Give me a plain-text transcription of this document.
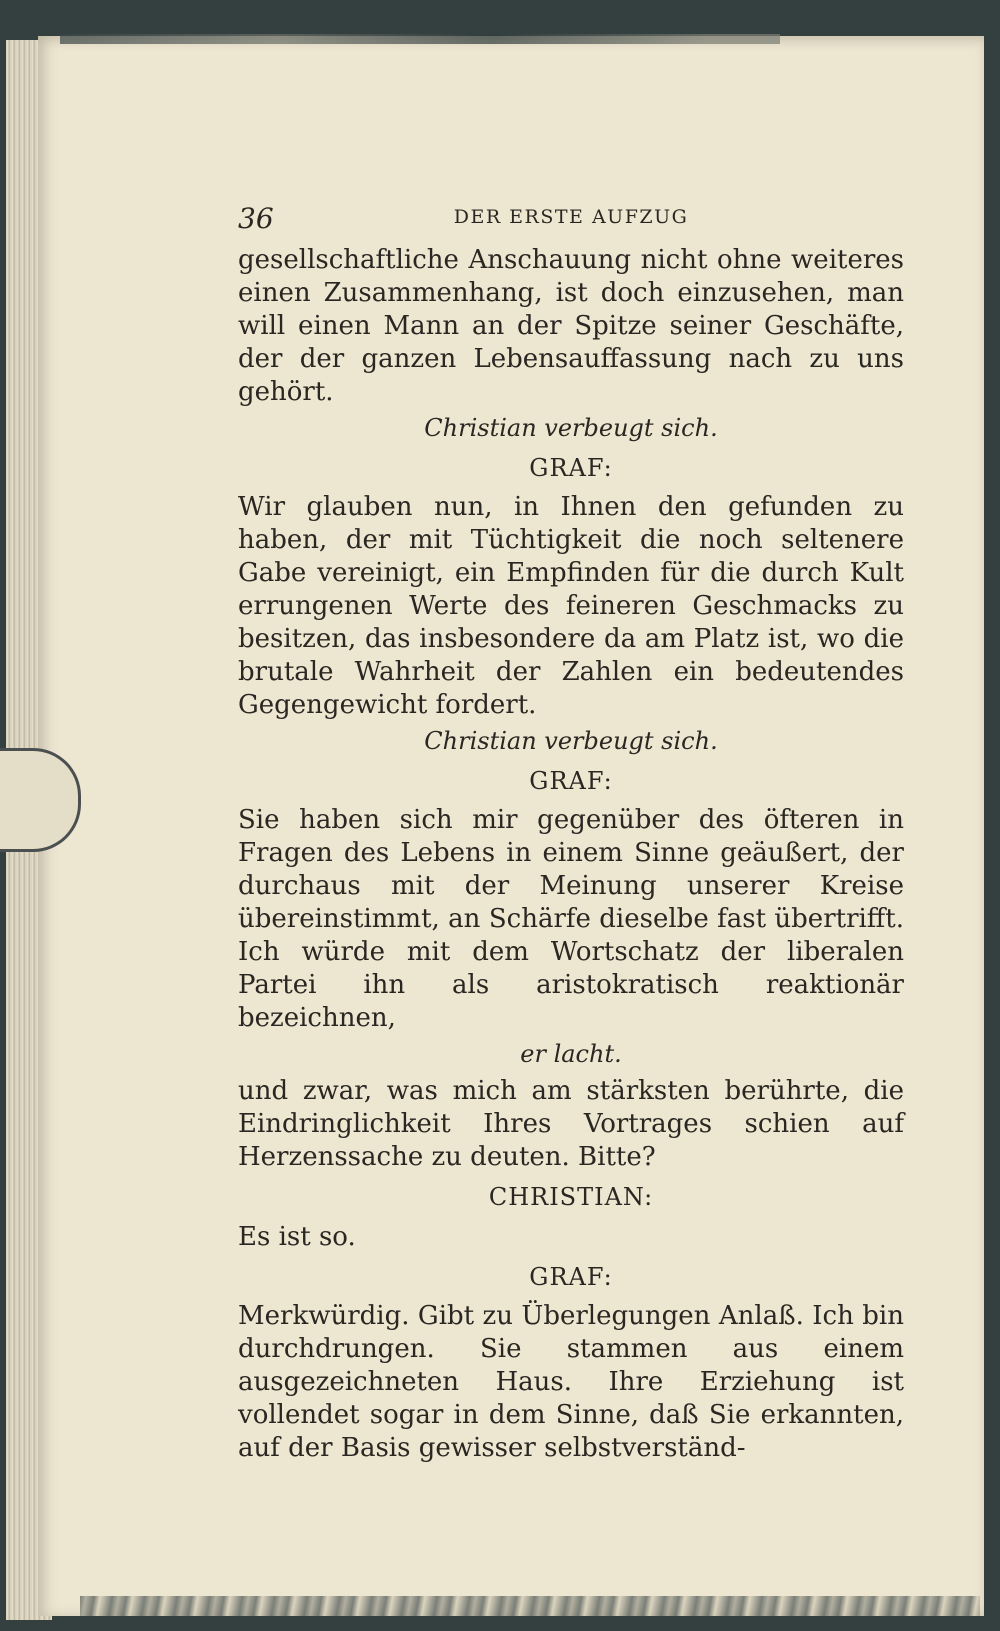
36	DER ERSTE AUFZUG

gesellschaftliche Anschauung nicht ohne weiteres einen Zusammenhang, ist doch einzusehen, man will einen Mann an der Spitze seiner Geschäfte, der der ganzen Lebensauffassung nach zu uns gehört.

Christian verbeugt sich.

GRAF:

Wir glauben nun, in Ihnen den gefunden zu haben, der mit Tüchtigkeit die noch seltenere Gabe vereinigt, ein Empfinden für die durch Kult errungenen Werte des feineren Geschmacks zu besitzen, das insbesondere da am Platz ist, wo die brutale Wahrheit der Zahlen ein bedeutendes Gegengewicht fordert.

Christian verbeugt sich.

GRAF:

Sie haben sich mir gegenüber des öfteren in Fragen des Lebens in einem Sinne geäußert, der durchaus mit der Meinung unserer Kreise übereinstimmt, an Schärfe dieselbe fast übertrifft. Ich würde mit dem Wortschatz der liberalen Partei ihn als aristokratisch reaktionär bezeichnen,

er lacht.

und zwar, was mich am stärksten berührte, die Eindringlichkeit Ihres Vortrages schien auf Herzenssache zu deuten. Bitte?

CHRISTIAN:

Es ist so.

GRAF:

Merkwürdig. Gibt zu Überlegungen Anlaß. Ich bin durchdrungen. Sie stammen aus einem ausgezeichneten Haus. Ihre Erziehung ist vollendet sogar in dem Sinne, daß Sie erkannten, auf der Basis gewisser selbstverständ-
